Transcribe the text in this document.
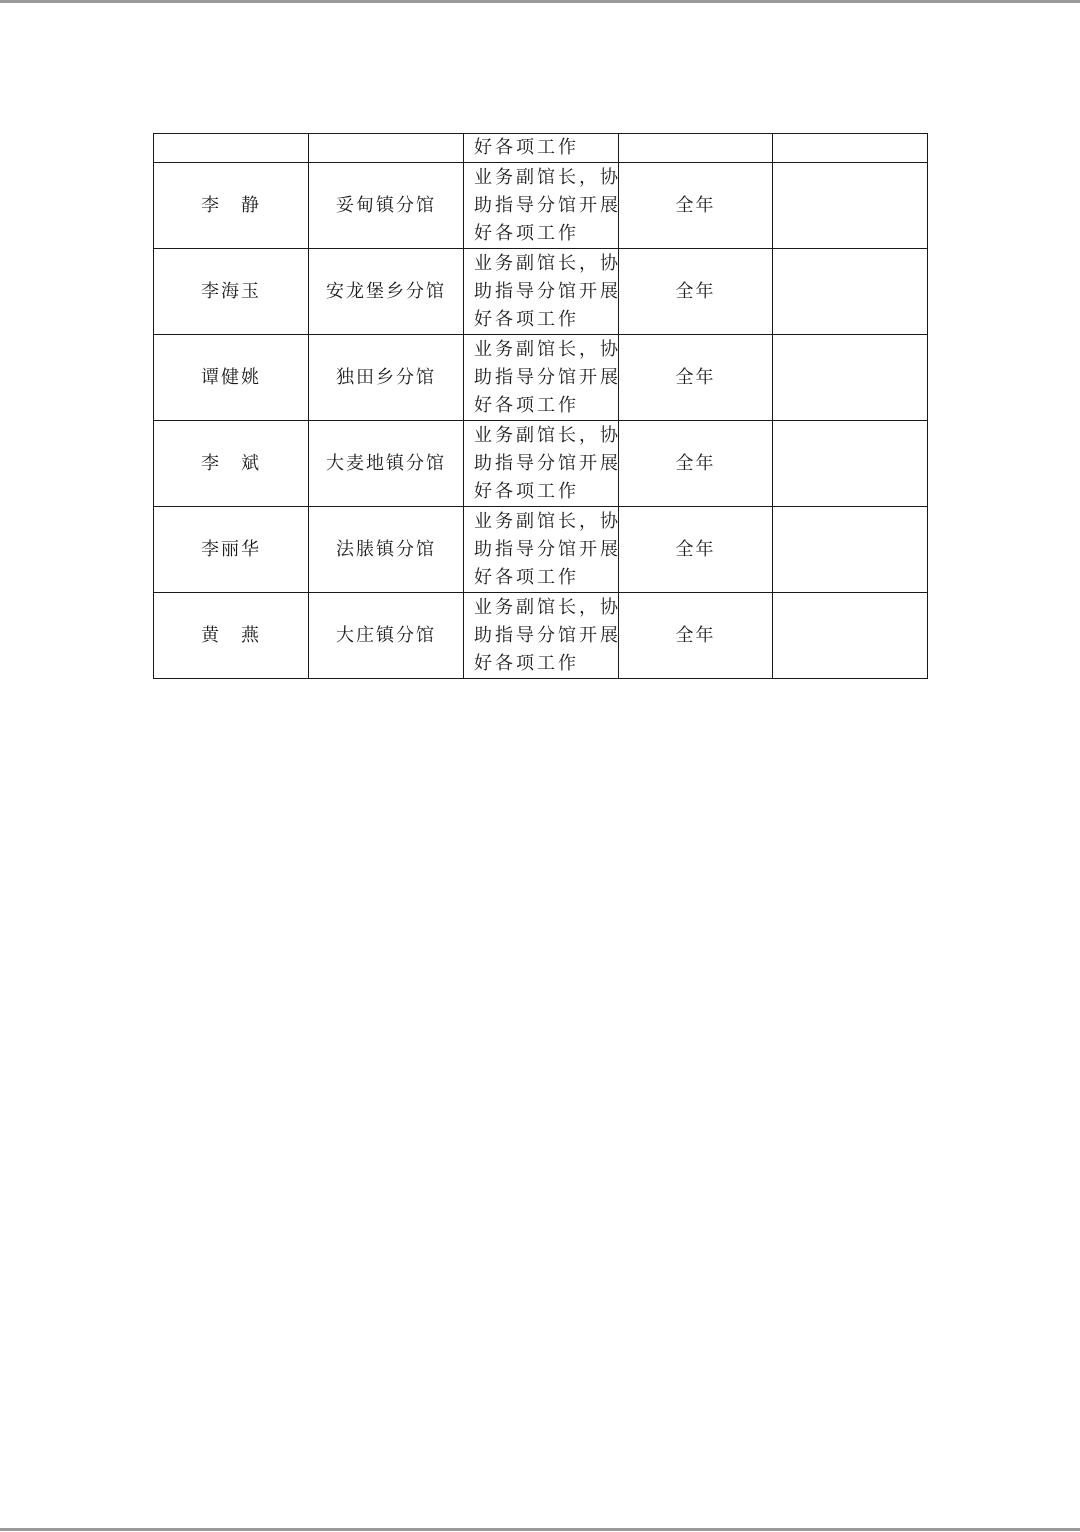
		好各项工作		

李　静	妥甸镇分馆	业务副馆长，协
助指导分馆开展
好各项工作	全年	
李海玉	安龙堡乡分馆	业务副馆长，协
助指导分馆开展
好各项工作	全年	
谭健姚	独田乡分馆	业务副馆长，协
助指导分馆开展
好各项工作	全年	
李　斌	大麦地镇分馆	业务副馆长，协
助指导分馆开展
好各项工作	全年	
李丽华	法脿镇分馆	业务副馆长，协
助指导分馆开展
好各项工作	全年	
黄　燕	大庄镇分馆	业务副馆长，协
助指导分馆开展
好各项工作	全年	
